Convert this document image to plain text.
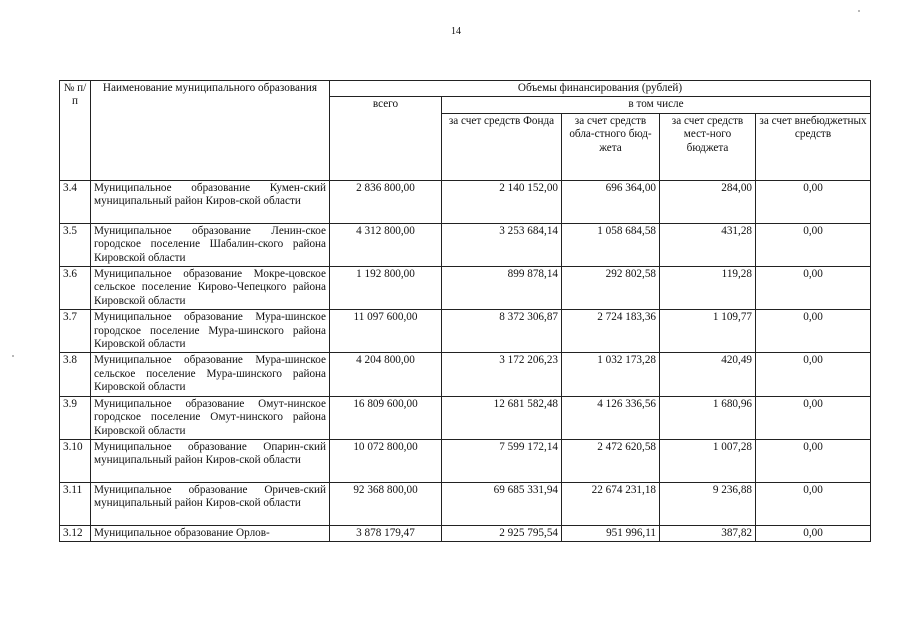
14
№ п/п	Наименование муниципального образования	Объемы финансирования (рублей)				
		всего	в том числе			
			за счет средств Фонда	за счет средств обла-стного бюд-жета	за счет средств мест-ного бюджета	за счет внебюджетных средств
3.4	Муниципальное образование Кумен-ский муниципальный район Киров-ской области	2 836 800,00	2 140 152,00	696 364,00	284,00	0,00
3.5	Муниципальное образование Ленин-ское городское поселение Шабалин-ского района Кировской области	4 312 800,00	3 253 684,14	1 058 684,58	431,28	0,00
3.6	Муниципальное образование Мокре-цовское сельское поселение Кирово-Чепецкого района Кировской области	1 192 800,00	899 878,14	292 802,58	119,28	0,00
3.7	Муниципальное образование Мура-шинское городское поселение Мура-шинского района Кировской области	11 097 600,00	8 372 306,87	2 724 183,36	1 109,77	0,00
3.8	Муниципальное образование Мура-шинское сельское поселение Мура-шинского района Кировской области	4 204 800,00	3 172 206,23	1 032 173,28	420,49	0,00
3.9	Муниципальное образование Омут-нинское городское поселение Омут-нинского района Кировской области	16 809 600,00	12 681 582,48	4 126 336,56	1 680,96	0,00
3.10	Муниципальное образование Опарин-ский муниципальный район Киров-ской области	10 072 800,00	7 599 172,14	2 472 620,58	1 007,28	0,00
3.11	Муниципальное образование Оричев-ский муниципальный район Киров-ской области	92 368 800,00	69 685 331,94	22 674 231,18	9 236,88	0,00
3.12	Муниципальное образование Орлов-	3 878 179,47	2 925 795,54	951 996,11	387,82	0,00
